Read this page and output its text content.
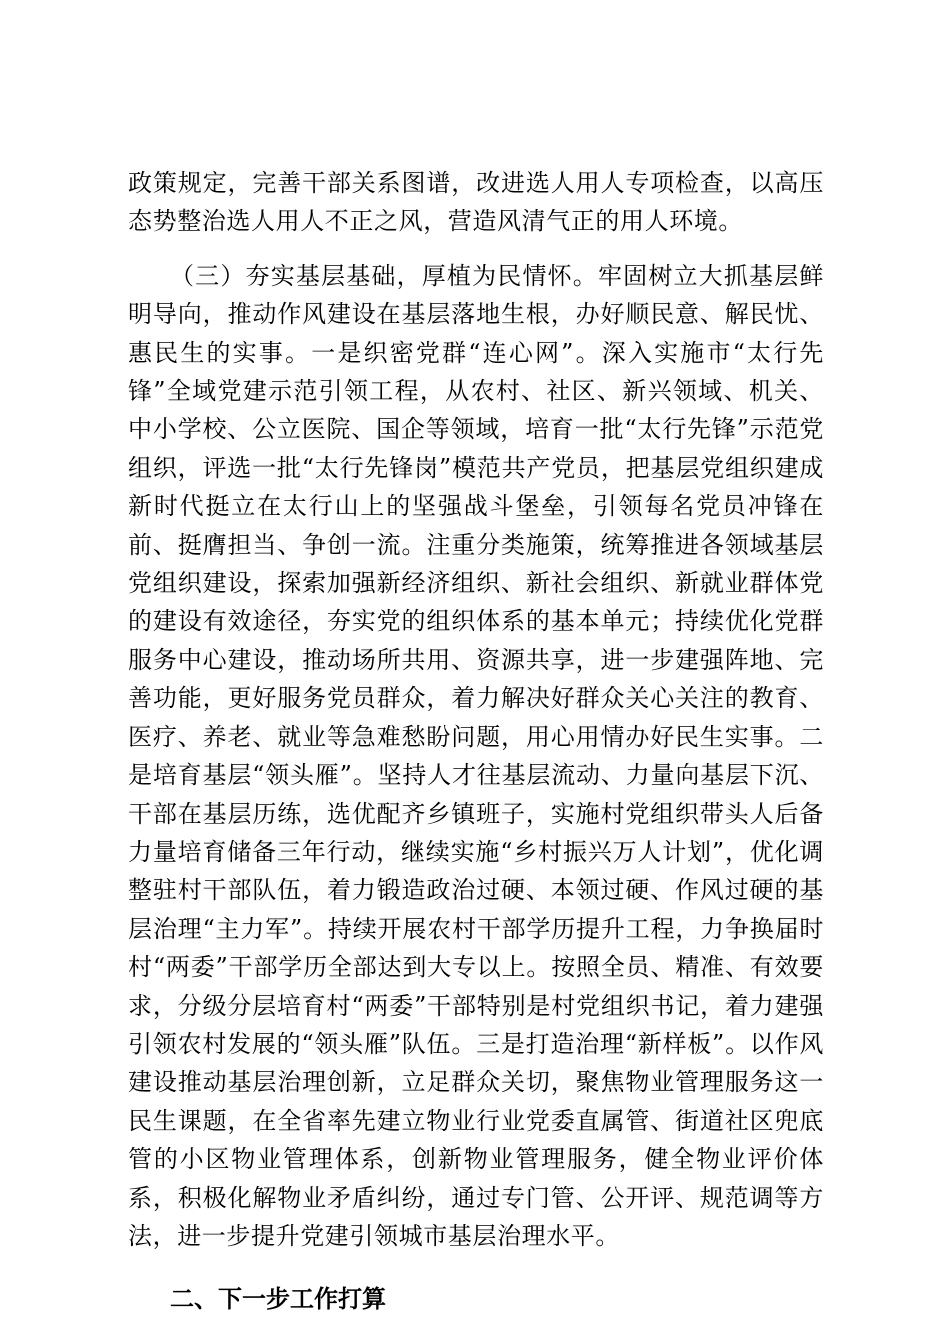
政策规定，完善干部关系图谱，改进选人用人专项检查，以高压态势整治选人用人不正之风，营造风清气正的用人环境。

（三）夯实基层基础，厚植为民情怀。牢固树立大抓基层鲜明导向，推动作风建设在基层落地生根，办好顺民意、解民忧、惠民生的实事。一是织密党群“连心网”。深入实施市“太行先锋”全域党建示范引领工程，从农村、社区、新兴领域、机关、中小学校、公立医院、国企等领域，培育一批“太行先锋”示范党组织，评选一批“太行先锋岗”模范共产党员，把基层党组织建成新时代挺立在太行山上的坚强战斗堡垒，引领每名党员冲锋在前、挺膺担当、争创一流。注重分类施策，统筹推进各领域基层党组织建设，探索加强新经济组织、新社会组织、新就业群体党的建设有效途径，夯实党的组织体系的基本单元；持续优化党群服务中心建设，推动场所共用、资源共享，进一步建强阵地、完善功能，更好服务党员群众，着力解决好群众关心关注的教育、医疗、养老、就业等急难愁盼问题，用心用情办好民生实事。二是培育基层“领头雁”。坚持人才往基层流动、力量向基层下沉、干部在基层历练，选优配齐乡镇班子，实施村党组织带头人后备力量培育储备三年行动，继续实施“乡村振兴万人计划”，优化调整驻村干部队伍，着力锻造政治过硬、本领过硬、作风过硬的基层治理“主力军”。持续开展农村干部学历提升工程，力争换届时村“两委”干部学历全部达到大专以上。按照全员、精准、有效要求，分级分层培育村“两委”干部特别是村党组织书记，着力建强引领农村发展的“领头雁”队伍。三是打造治理“新样板”。以作风建设推动基层治理创新，立足群众关切，聚焦物业管理服务这一民生课题，在全省率先建立物业行业党委直属管、街道社区兜底管的小区物业管理体系，创新物业管理服务，健全物业评价体系，积极化解物业矛盾纠纷，通过专门管、公开评、规范调等方法，进一步提升党建引领城市基层治理水平。

二、下一步工作打算
